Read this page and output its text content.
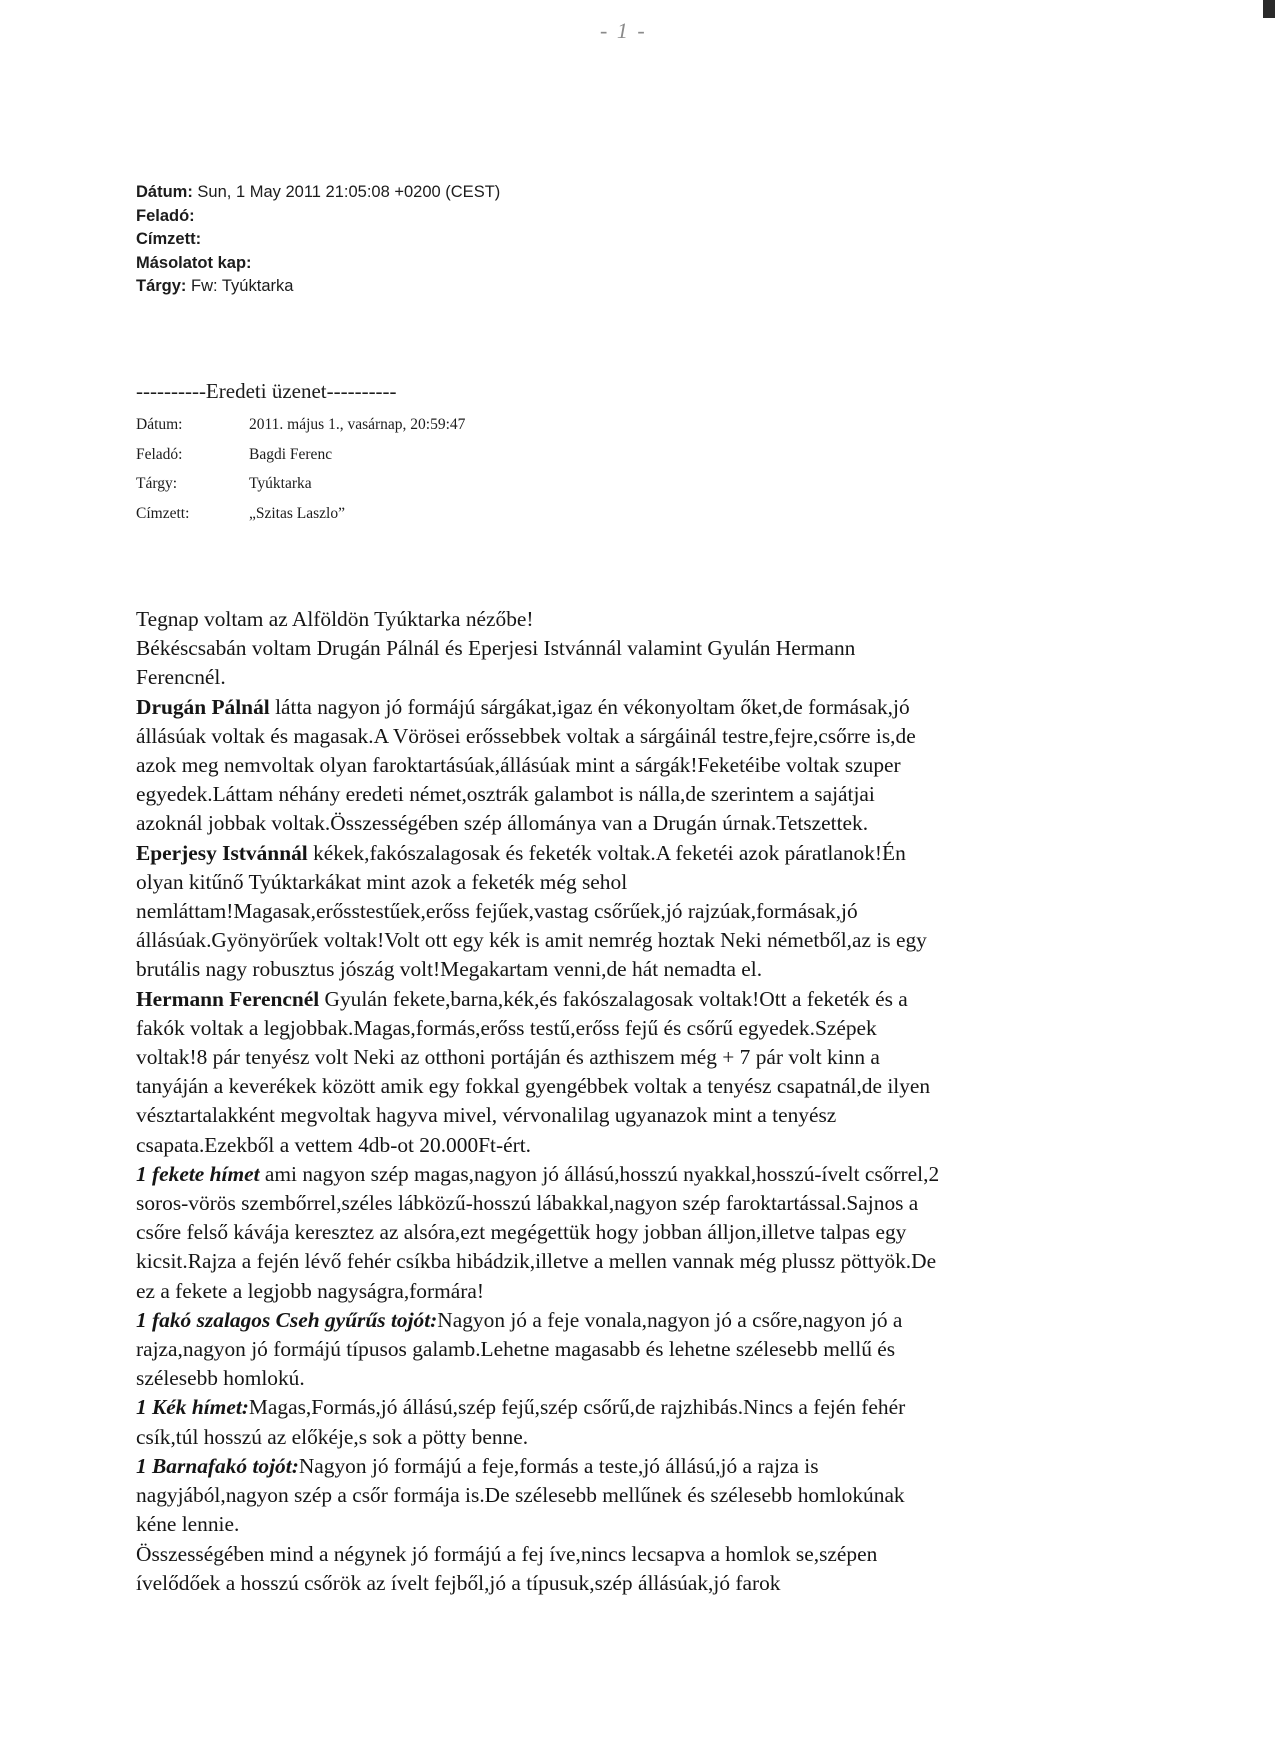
- 1 -
Dátum: Sun, 1 May 2011 21:05:08 +0200 (CEST)
Feladó:
Címzett:
Másolatot kap:
Tárgy: Fw: Tyúktarka
----------Eredeti üzenet----------
Dátum:	2011. május 1., vasárnap, 20:59:47
Feladó:	Bagdi Ferenc
Tárgy:	Tyúktarka
Címzett:	„Szitas Laszlo”

Tegnap voltam az Alföldön Tyúktarka nézőbe!

Békéscsabán voltam Drugán Pálnál és Eperjesi Istvánnál valamint Gyulán Hermann

Ferencnél.

Drugán Pálnál látta nagyon jó formájú sárgákat,igaz én vékonyoltam őket,de formásak,jó

állásúak voltak és magasak.A Vörösei erőssebbek voltak a sárgáinál testre,fejre,csőrre is,de

azok meg nemvoltak olyan faroktartásúak,állásúak mint a sárgák!Feketéibe voltak szuper

egyedek.Láttam néhány eredeti német,osztrák galambot is nálla,de szerintem a sajátjai

azoknál jobbak voltak.Összességében szép állománya van a Drugán úrnak.Tetszettek.

Eperjesy Istvánnál kékek,fakószalagosak és feketék voltak.A feketéi azok páratlanok!Én

olyan kitűnő Tyúktarkákat mint azok a feketék még sehol

nemláttam!Magasak,erősstestűek,erőss fejűek,vastag csőrűek,jó rajzúak,formásak,jó

állásúak.Gyönyörűek voltak!Volt ott egy kék is amit nemrég hoztak Neki németből,az is egy

brutális nagy robusztus jószág volt!Megakartam venni,de hát nemadta el.

Hermann Ferencnél Gyulán fekete,barna,kék,és fakószalagosak voltak!Ott a feketék és a

fakók voltak a legjobbak.Magas,formás,erőss testű,erőss fejű és csőrű egyedek.Szépek

voltak!8 pár tenyész volt Neki az otthoni portáján és azthiszem még + 7 pár volt kinn a

tanyáján a keverékek között amik egy fokkal gyengébbek voltak a tenyész csapatnál,de ilyen

vésztartalakként megvoltak hagyva mivel, vérvonalilag ugyanazok mint a tenyész

csapata.Ezekből a vettem 4db-ot 20.000Ft-ért.

1 fekete hímet ami nagyon szép magas,nagyon jó állású,hosszú nyakkal,hosszú-ívelt csőrrel,2

soros-vörös szembőrrel,széles lábközű-hosszú lábakkal,nagyon szép faroktartással.Sajnos a

csőre felső kávája keresztez az alsóra,ezt megégettük hogy jobban álljon,illetve talpas egy

kicsit.Rajza a fején lévő fehér csíkba hibádzik,illetve a mellen vannak még plussz pöttyök.De

ez a fekete a legjobb nagyságra,formára!

1 fakó szalagos Cseh gyűrűs tojót:Nagyon jó a feje vonala,nagyon jó a csőre,nagyon jó a

rajza,nagyon jó formájú típusos galamb.Lehetne magasabb és lehetne szélesebb mellű és

szélesebb homlokú.

1 Kék hímet:Magas,Formás,jó állású,szép fejű,szép csőrű,de rajzhibás.Nincs a fején fehér

csík,túl hosszú az előkéje,s sok a pötty benne.

1 Barnafakó tojót:Nagyon jó formájú a feje,formás a teste,jó állású,jó a rajza is

nagyjából,nagyon szép a csőr formája is.De szélesebb mellűnek és szélesebb homlokúnak

kéne lennie.

Összességében mind a négynek jó formájú a fej íve,nincs lecsapva a homlok se,szépen

ívelődőek a hosszú csőrök az ívelt fejből,jó a típusuk,szép állásúak,jó farok
